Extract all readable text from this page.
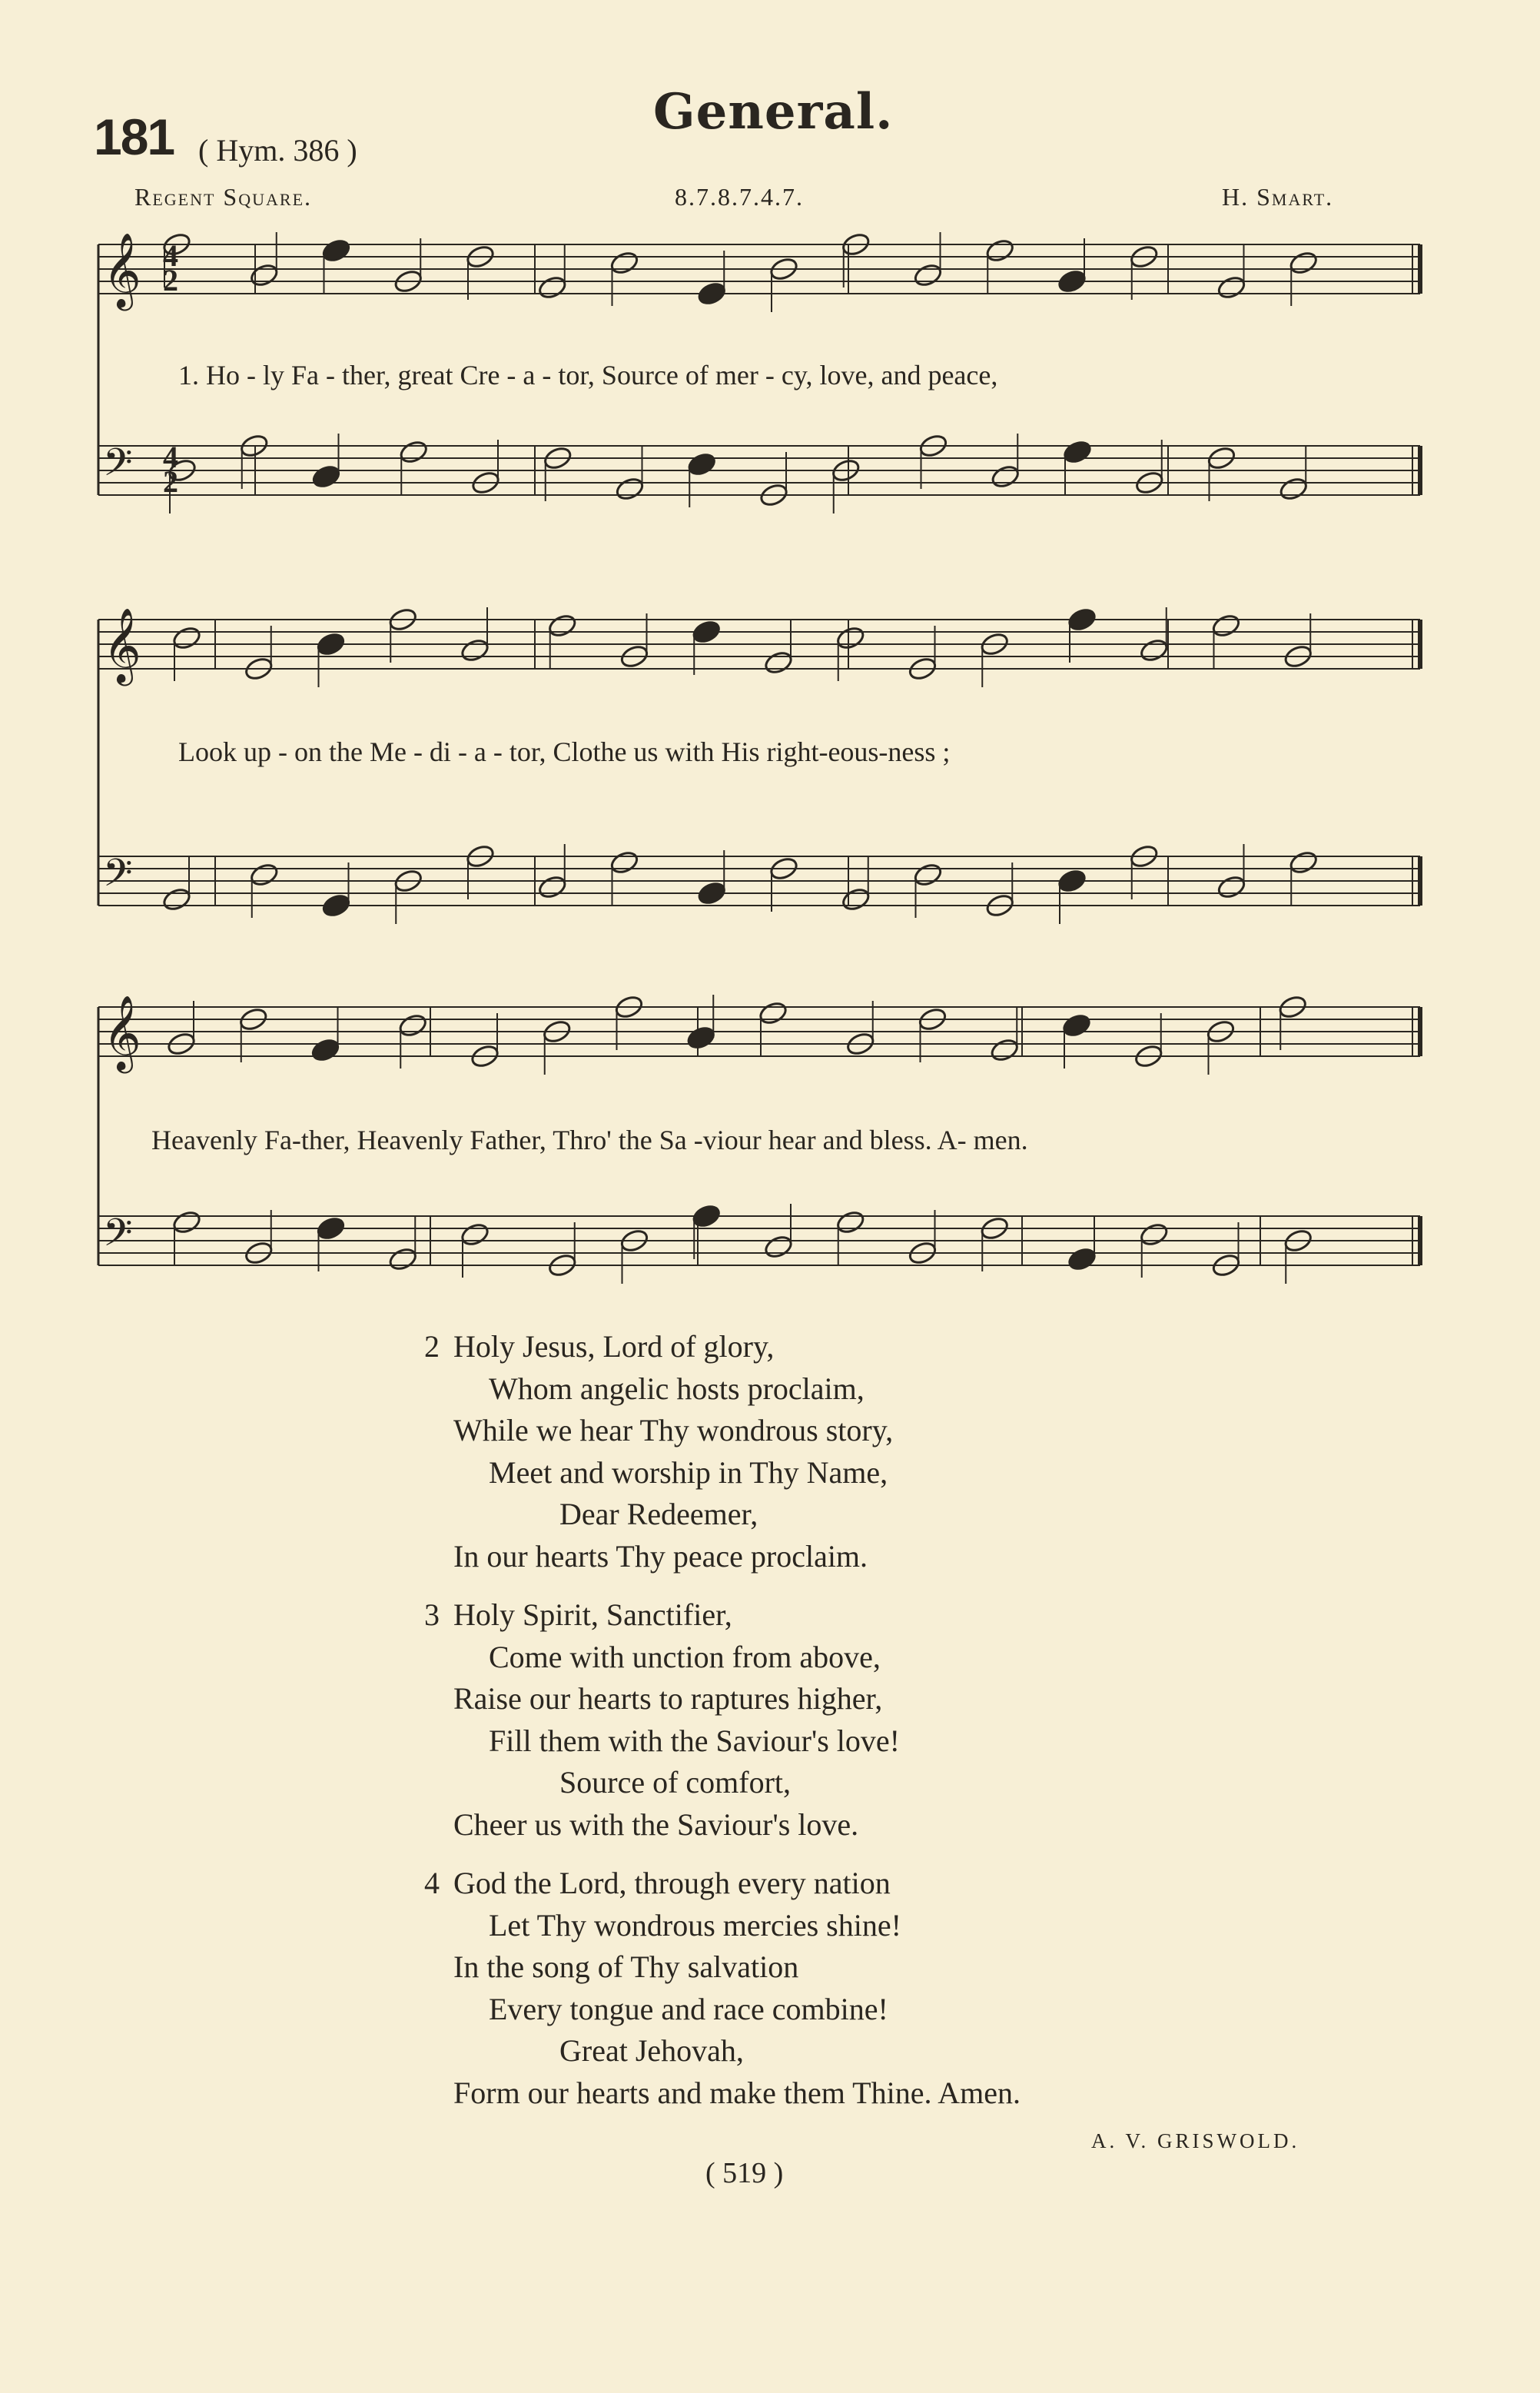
181 ( Hym. 386 )
General.
Regent Square.	8.7.8.7.4.7.	H. Smart.
𝄞
𝄢
𝄞
𝄢
𝄞
𝄢
4
2
4
2
1. Ho - ly Fa - ther, great Cre - a - tor, Source of mer - cy, love, and peace,
Look up - on the Me - di - a - tor, Clothe us with His right-eous-ness ;
Heavenly Fa-ther, Heavenly Father, Thro' the Sa -viour hear and bless. A- men.
2 Holy Jesus, Lord of glory,
Whom angelic hosts proclaim,
While we hear Thy wondrous story,
Meet and worship in Thy Name,
Dear Redeemer,
In our hearts Thy peace proclaim.
3 Holy Spirit, Sanctifier,
Come with unction from above,
Raise our hearts to raptures higher,
Fill them with the Saviour's love!
Source of comfort,
Cheer us with the Saviour's love.
4 God the Lord, through every nation
Let Thy wondrous mercies shine!
In the song of Thy salvation
Every tongue and race combine!
Great Jehovah,
Form our hearts and make them Thine. Amen.
A. V. GRISWOLD.
( 519 )
